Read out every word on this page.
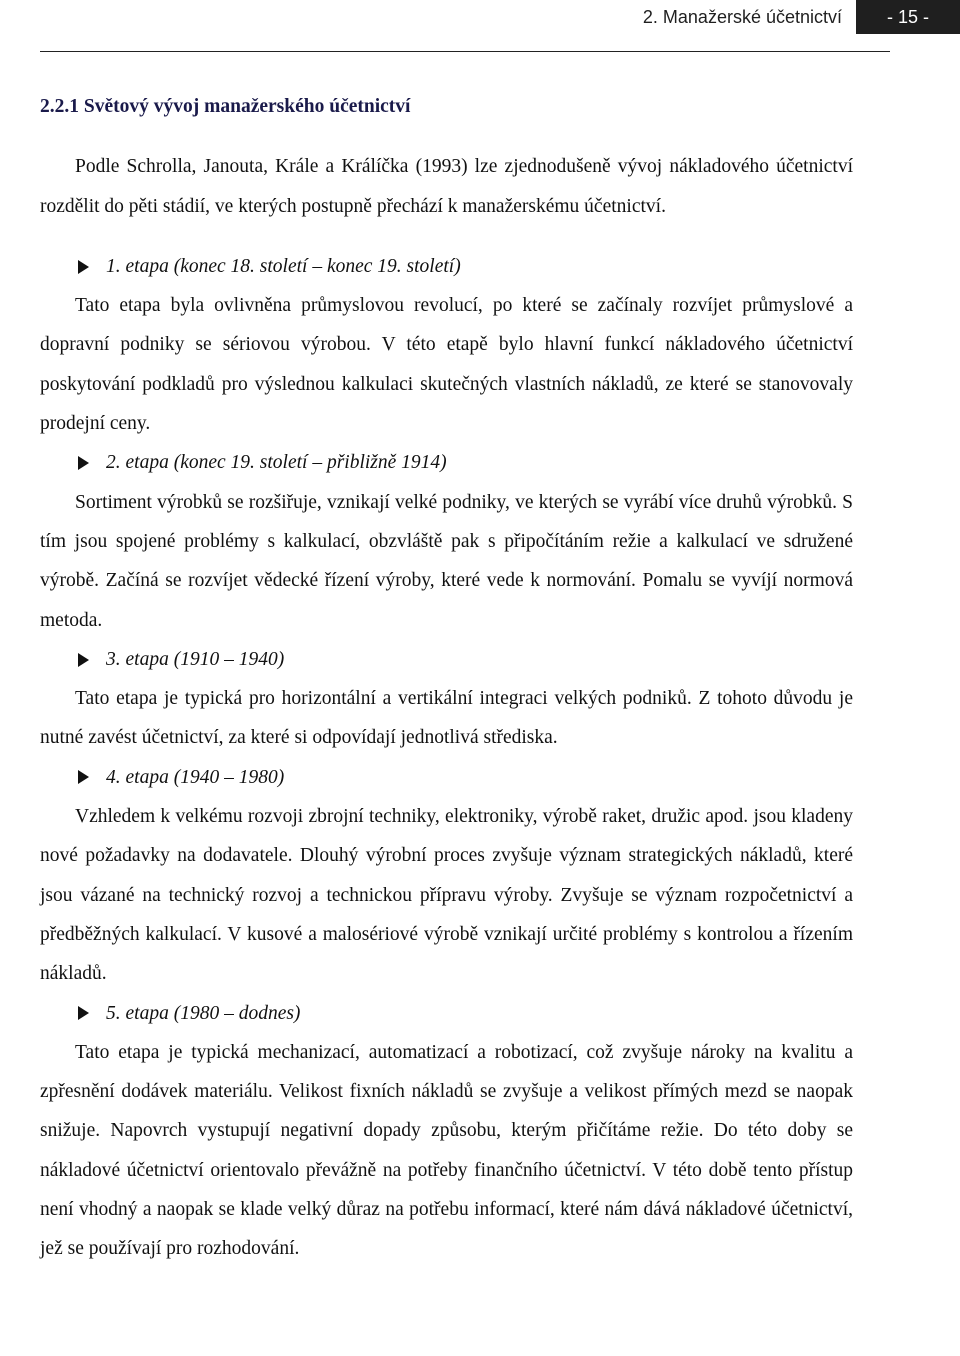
2. Manažerské účetnictví	- 15 -
2.2.1 Světový vývoj manažerského účetnictví

Podle Schrolla, Janouta, Krále a Králíčka (1993) lze zjednodušeně vývoj nákladového účetnictví rozdělit do pěti stádií, ve kterých postupně přechází k manažerskému účetnictví.

1. etapa (konec 18. století – konec 19. století)

Tato etapa byla ovlivněna průmyslovou revolucí, po které se začínaly rozvíjet průmyslové a dopravní podniky se sériovou výrobou. V této etapě bylo hlavní funkcí nákladového účetnictví poskytování podkladů pro výslednou kalkulaci skutečných vlastních nákladů, ze které se stanovovaly prodejní ceny.

2. etapa (konec 19. století – přibližně 1914)

Sortiment výrobků se rozšiřuje, vznikají velké podniky, ve kterých se vyrábí více druhů výrobků. S tím jsou spojené problémy s kalkulací, obzvláště pak s připočítáním režie a kalkulací ve sdružené výrobě. Začíná se rozvíjet vědecké řízení výroby, které vede k normování. Pomalu se vyvíjí normová metoda.

3. etapa (1910 – 1940)

Tato etapa je typická pro horizontální a vertikální integraci velkých podniků. Z tohoto důvodu je nutné zavést účetnictví, za které si odpovídají jednotlivá střediska.

4. etapa (1940 – 1980)

Vzhledem k velkému rozvoji zbrojní techniky, elektroniky, výrobě raket, družic apod. jsou kladeny nové požadavky na dodavatele. Dlouhý výrobní proces zvyšuje význam strategických nákladů, které jsou vázané na technický rozvoj a technickou přípravu výroby. Zvyšuje se význam rozpočetnictví a předběžných kalkulací. V kusové a malosériové výrobě vznikají určité problémy s kontrolou a řízením nákladů.

5. etapa (1980 – dodnes)

Tato etapa je typická mechanizací, automatizací a robotizací, což zvyšuje nároky na kvalitu a zpřesnění dodávek materiálu. Velikost fixních nákladů se zvyšuje a velikost přímých mezd se naopak snižuje. Napovrch vystupují negativní dopady způsobu, kterým přičítáme režie. Do této doby se nákladové účetnictví orientovalo převážně na potřeby finančního účetnictví. V této době tento přístup není vhodný a naopak se klade velký důraz na potřebu informací, které nám dává nákladové účetnictví, jež se používají pro rozhodování.
